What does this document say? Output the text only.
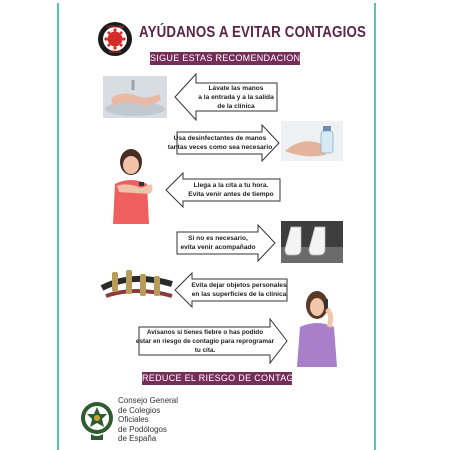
CORONA
VIRUS
AYÚDANOS A EVITAR CONTAGIOS
SIGUE ESTAS RECOMENDACIONES
Lávate las manos
a la entrada y a la salida
de la clínica
Usa desinfectantes de manos
tantas veces como sea necesario
Llega a la cita a tu hora.
Evita venir antes de tiempo
Si no es necesario,
evita venir acompañado
Evita dejar objetos personales
en las superficies de la clínica
Avísanos si tienes fiebre o has podido
estar en riesgo de contagio para reprogramar
tu cita.
REDUCE EL RIESGO DE CONTAGIO
Consejo General
de Colegios
Oficiales
de Podólogos
de España
